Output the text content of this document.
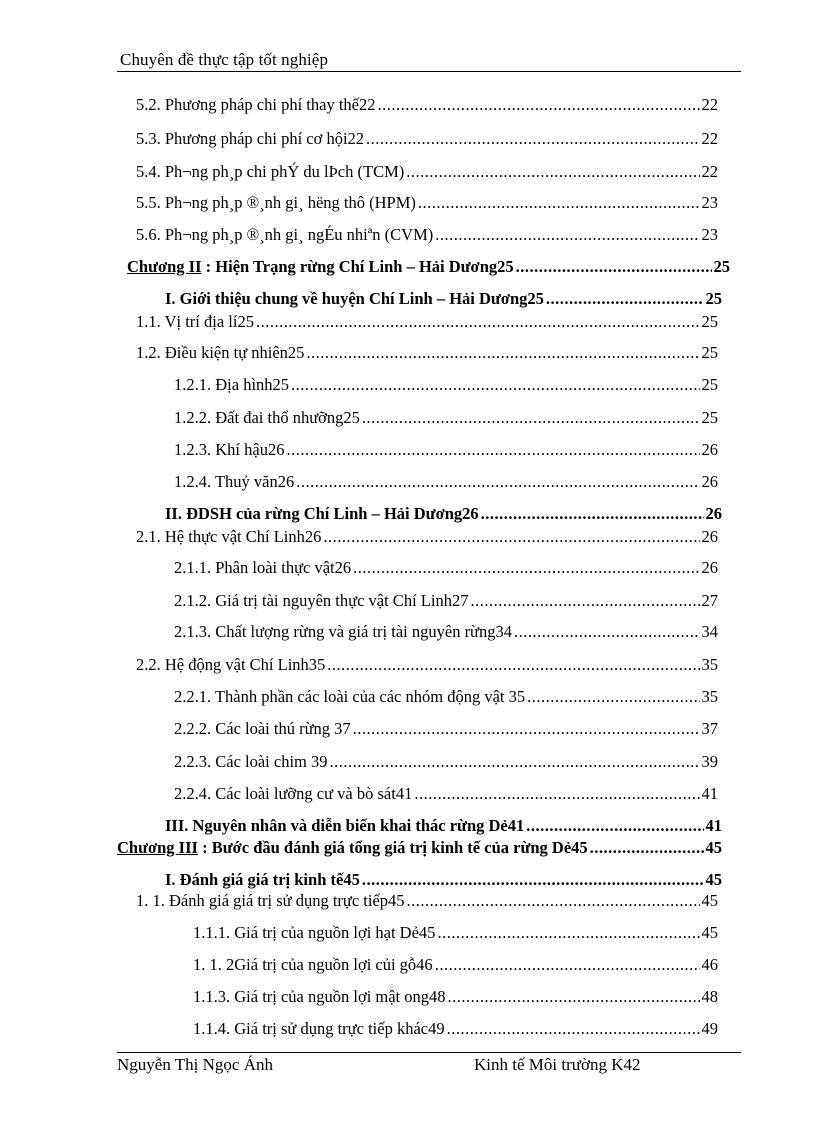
Chuyên đề thực tập tốt nghiệp
5.2. Phương pháp chi phí thay thế22 .....	22
5.3. Phương pháp chi phí cơ hội22 .....	22
5.4. Ph¬ng ph¸p chi phÝ du lÞch (TCM) .....	22
5.5. Ph¬ng ph¸p ®¸nh gi¸ hëng thô (HPM) .....	23
5.6. Ph¬ng ph¸p ®¸nh gi¸ ngÉu nhiªn (CVM) .....	23
Chương II : Hiện Trạng rừng Chí Linh – Hải Dương25 .....	25
I. Giới thiệu chung về huyện Chí Linh – Hải Dương25 .....	25
1.1. Vị trí địa lí25 .....	25
1.2. Điều kiện tự nhiên25 .....	25
1.2.1. Địa hình25 .....	25
1.2.2. Đất đai thổ nhưỡng25 .....	25
1.2.3. Khí hậu26 .....	26
1.2.4. Thuỷ văn26 .....	26
II. ĐDSH của rừng Chí Linh – Hải Dương26 .....	26
2.1. Hệ thực vật Chí Linh26 .....	26
2.1.1. Phân loài thực vật26 .....	26
2.1.2. Giá trị tài nguyên thực vật Chí Linh27 .....	27
2.1.3. Chất lượng rừng và giá trị tài nguyên rừng34 .....	34
2.2. Hệ động vật Chí Linh35 .....	35
2.2.1. Thành phần các loài của các nhóm động vật 35 .....	35
2.2.2. Các loài thú rừng 37 .....	37
2.2.3. Các loài chim 39 .....	39
2.2.4. Các loài lưỡng cư và bò sát41 .....	41
III. Nguyên nhân và diễn biến khai thác rừng Dẻ41 .....	41
Chương III : Bước đầu đánh giá tổng giá trị kinh tế của rừng Dẻ45 .....	45
I. Đánh giá giá trị kinh tế45 .....	45
1. 1. Đánh giá giá trị sử dụng trực tiếp45 .....	45
1.1.1. Giá trị của nguồn lợi hạt Dẻ45 .....	45
1. 1. 2Giá trị của nguồn lợi củi gỗ46 .....	46
1.1.3. Giá trị của nguồn lợi mật ong48 .....	48
1.1.4. Giá trị sử dụng trực tiếp khác49 .....	49
Nguyễn Thị Ngọc Ánh	Kinh tế Môi trường K42
